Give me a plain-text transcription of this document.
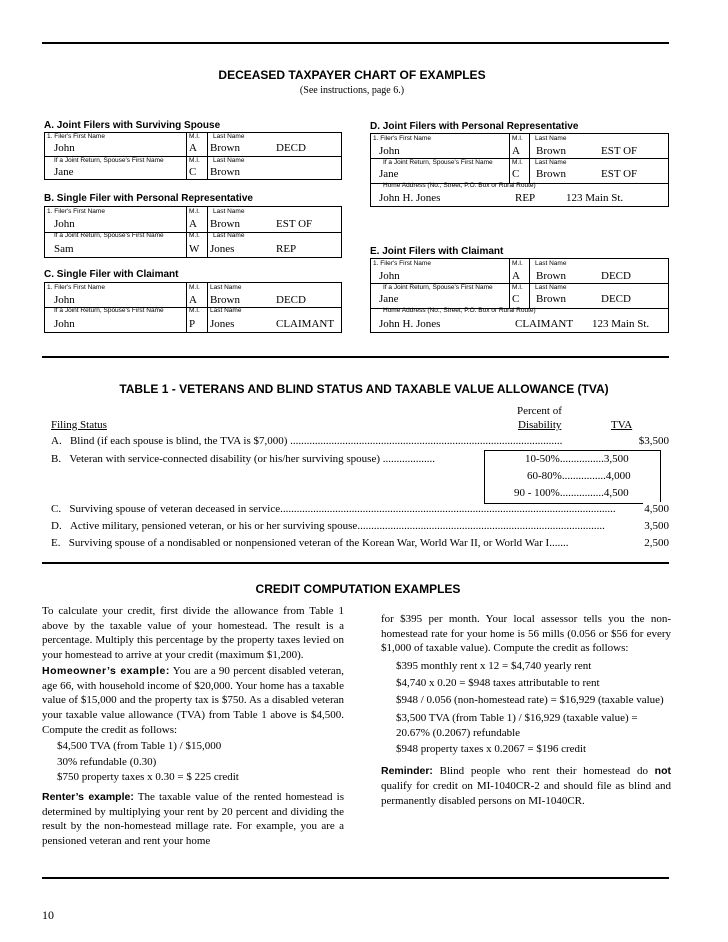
DECEASED TAXPAYER CHART OF EXAMPLES
(See instructions, page 6.)
A. Joint Filers with Surviving Spouse
1. Filer's First Name	M.I. Last Name
John	A Brown	DECD
If a Joint Return, Spouse's First Name	M.I. Last Name
Jane	C Brown
B. Single Filer with Personal Representative
1. Filer's First Name	M.I. Last Name
John	A Brown	EST OF
If a Joint Return, Spouse's First Name	M.I. Last Name
Sam	W Jones	REP
C. Single Filer with Claimant
1. Filer's First Name	M.I. Last Name
John	A Brown	DECD
If a Joint Return, Spouse's First Name	M.I. Last Name
John	P Jones	CLAIMANT
D. Joint Filers with Personal Representative
1. Filer's First Name	M.I. Last Name
John	A Brown	EST OF
If a Joint Return, Spouse's First Name	M.I. Last Name
Jane	C Brown	EST OF
Home Address (No., Street, P.O. Box or Rural Route)
John H. Jones	REP	123 Main St.
E. Joint Filers with Claimant
1. Filer's First Name	M.I. Last Name
John	A Brown	DECD
If a Joint Return, Spouse's First Name	M.I. Last Name
Jane	C Brown	DECD
Home Address (No., Street, P.O. Box or Rural Route)
John H. Jones	CLAIMANT 123 Main St.
TABLE 1 - VETERANS AND BLIND STATUS AND TAXABLE VALUE ALLOWANCE (TVA)
Percent of
Filing Status	Disability	TVA
A. Blind (if each spouse is blind, the TVA is $7,000) ...................................................................................................	$3,500
B. Veteran with service-connected disability (or his/her surviving spouse) ...................	10-50%................3,500
60-80%................4,000
90 - 100%................4,500
C. Surviving spouse of veteran deceased in service..........................................................................................................................	4,500
D. Active military, pensioned veteran, or his or her surviving spouse..........................................................................................	3,500
E. Surviving spouse of a nondisabled or nonpensioned veteran of the Korean War, World War II, or World War I.......	2,500
CREDIT COMPUTATION EXAMPLES

To calculate your credit, first divide the allowance from Table 1 above by the taxable value of your homestead. The result is a percentage. Multiply this percentage by the property taxes levied on your homestead to arrive at your credit (maximum $1,200).

Homeowner’s example: You are a 90 percent disabled veteran, age 66, with household income of $20,000. Your home has a taxable value of $15,000 and the property tax is $750. As a disabled veteran your taxable value allowance (TVA) from Table 1 above is $4,500. Compute the credit as follows:

$4,500 TVA (from Table 1) / $15,000
30% refundable (0.30)
$750 property taxes x 0.30 = $ 225 credit

Renter’s example: The taxable value of the rented homestead is determined by multiplying your rent by 20 percent and dividing the result by the non-homestead millage rate. For example, you are a pensioned veteran and rent your home

for $395 per month. Your local assessor tells you the non-homestead rate for your home is 56 mills (0.056 or $56 for every $1,000 of taxable value). Compute the credit as follows:

$395 monthly rent x 12 = $4,740 yearly rent
$4,740 x 0.20 = $948 taxes attributable to rent
$948 / 0.056 (non-homestead rate) = $16,929 (taxable value)
$3,500 TVA (from Table 1) / $16,929 (taxable value) = 20.67% (0.2067) refundable
$948 property taxes x 0.2067 = $196 credit

Reminder: Blind people who rent their homestead do not qualify for credit on MI-1040CR-2 and should file as blind and permanently disabled persons on MI-1040CR.

10
